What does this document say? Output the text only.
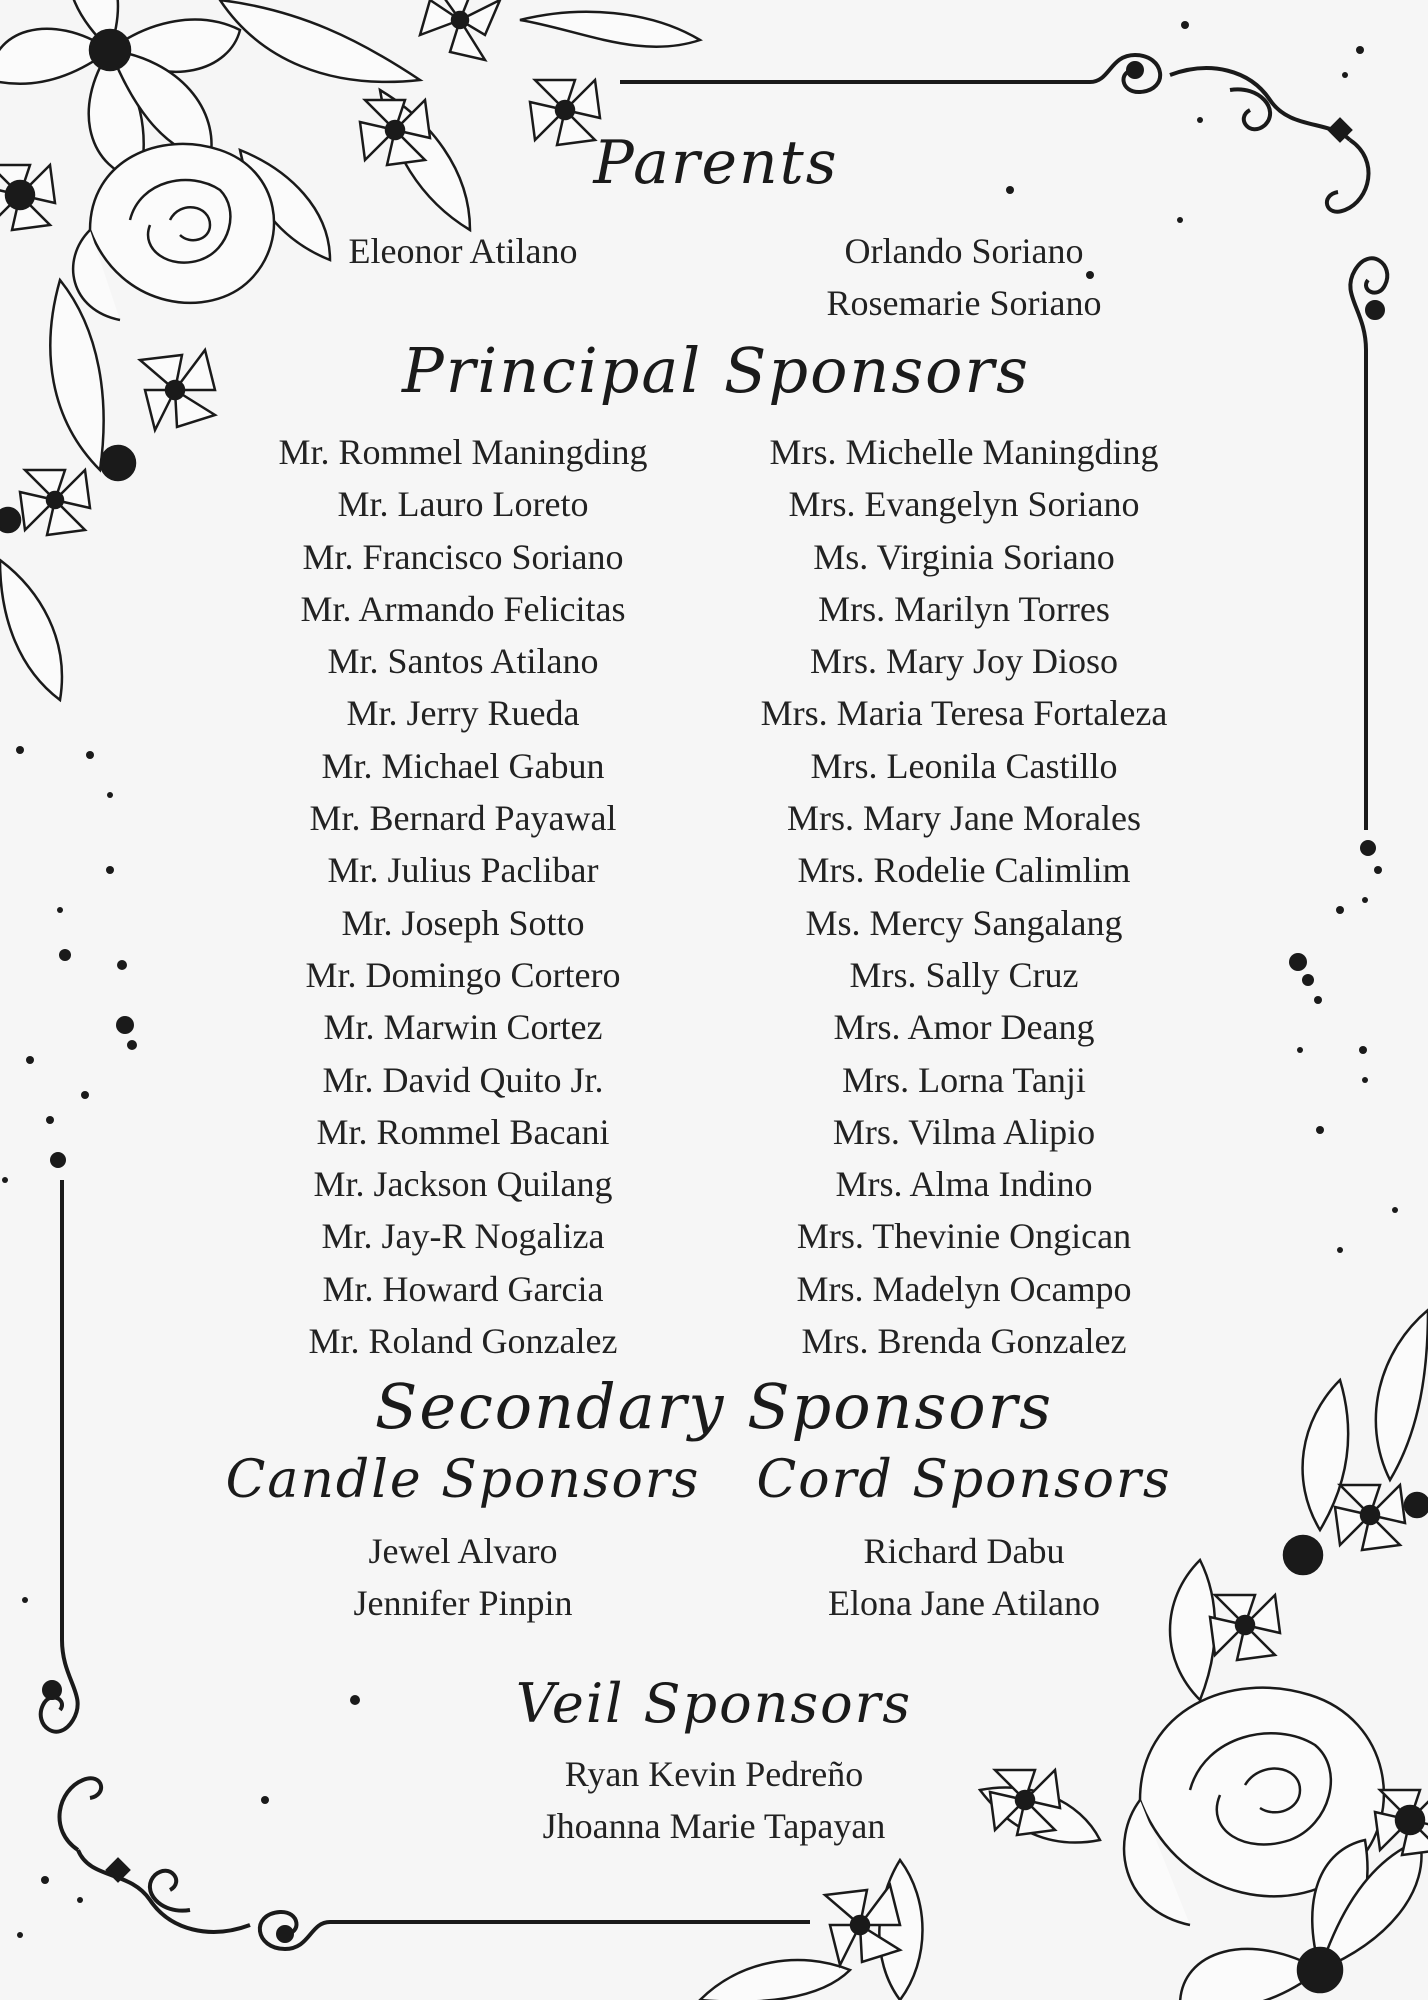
Parents
Eleonor Atilano	Orlando Soriano
Rosemarie Soriano
Principal Sponsors
Mr. Rommel Maningding
Mr. Lauro Loreto
Mr. Francisco Soriano
Mr. Armando Felicitas
Mr. Santos Atilano
Mr. Jerry Rueda
Mr. Michael Gabun
Mr. Bernard Payawal
Mr. Julius Paclibar
Mr. Joseph Sotto
Mr. Domingo Cortero
Mr. Marwin Cortez
Mr. David Quito Jr.
Mr. Rommel Bacani
Mr. Jackson Quilang
Mr. Jay-R Nogaliza
Mr. Howard Garcia
Mr. Roland Gonzalez
Mrs. Michelle Maningding
Mrs. Evangelyn Soriano
Ms. Virginia Soriano
Mrs. Marilyn Torres
Mrs. Mary Joy Dioso
Mrs. Maria Teresa Fortaleza
Mrs. Leonila Castillo
Mrs. Mary Jane Morales
Mrs. Rodelie Calimlim
Ms. Mercy Sangalang
Mrs. Sally Cruz
Mrs. Amor Deang
Mrs. Lorna Tanji
Mrs. Vilma Alipio
Mrs. Alma Indino
Mrs. Thevinie Ongican
Mrs. Madelyn Ocampo
Mrs. Brenda Gonzalez
Secondary Sponsors
Candle Sponsors Cord Sponsors
Jewel Alvaro
Jennifer Pinpin
Richard Dabu
Elona Jane Atilano
Veil Sponsors
Ryan Kevin Pedreño
Jhoanna Marie Tapayan
